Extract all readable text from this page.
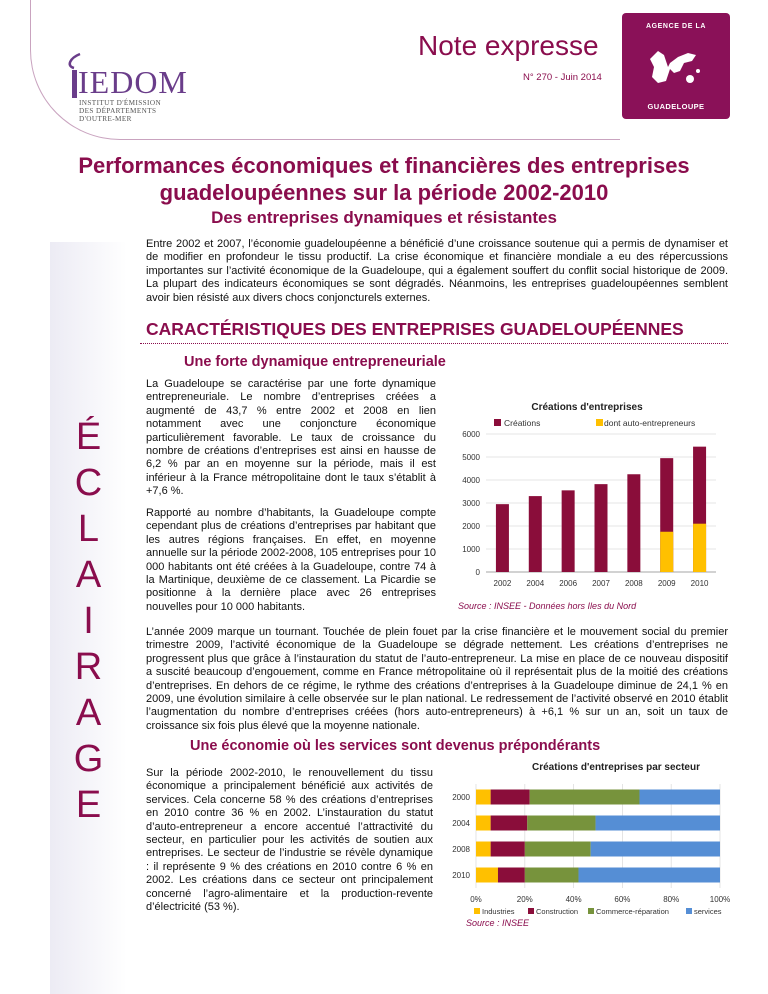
IEDOM
INSTITUT D'ÉMISSION
DES DÉPARTEMENTS
D'OUTRE-MER
Note expresse
N° 270 - Juin 2014
AGENCE DE LA
GUADELOUPE
Performances économiques et financières des entreprises guadeloupéennes sur la période 2002-2010
Des entreprises dynamiques et résistantes
Entre 2002 et 2007, l’économie guadeloupéenne a bénéficié d’une croissance soutenue qui a permis de dynamiser et de modifier en profondeur le tissu productif. La crise économique et financière mondiale a eu des répercussions importantes sur l’activité économique de la Guadeloupe, qui a également souffert du conflit social historique de 2009. La plupart des indicateurs économiques se sont dégradés. Néanmoins, les entreprises guadeloupéennes semblent avoir bien résisté aux divers chocs conjoncturels externes.
É
C
L
A
I
R
A
G
E
CARACTÉRISTIQUES DES ENTREPRISES GUADELOUPÉENNES
Une forte dynamique entrepreneuriale
La Guadeloupe se caractérise par une forte dynamique entrepreneuriale. Le nombre d’entreprises créées a augmenté de 43,7 % entre 2002 et 2008 en lien notamment avec une conjoncture économique particulièrement favorable. Le taux de croissance du nombre de créations d’entreprises est ainsi en hausse de 6,2 % par an en moyenne sur la période, mais il est inférieur à la France métropolitaine dont le taux s’établit à +7,6 %.
Rapporté au nombre d’habitants, la Guadeloupe compte cependant plus de créations d’entreprises par habitant que les autres régions françaises. En effet, en moyenne annuelle sur la période 2002-2008, 105 entreprises pour 10 000 habitants ont été créées à la Guadeloupe, contre 74 à la Martinique, deuxième de ce classement. La Picardie se positionne à la dernière place avec 26 entreprises nouvelles pour 10 000 habitants.
Créations d'entreprises
Créations	dont auto-entrepreneurs
0
1000
2000
3000
4000
5000
6000
2002 2004 2006 2007 2008 2009 2010
Source : INSEE - Données hors Iles du Nord
L’année 2009 marque un tournant. Touchée de plein fouet par la crise financière et le mouvement social du premier trimestre 2009, l’activité économique de la Guadeloupe se dégrade nettement. Les créations d’entreprises ne progressent plus que grâce à l’instauration du statut de l’auto-entrepreneur. La mise en place de ce nouveau dispositif a suscité beaucoup d’engouement, comme en France métropolitaine où il représentait plus de la moitié des créations d’entreprises. En dehors de ce régime, le rythme des créations d’entreprises à la Guadeloupe diminue de 24,1 % en 2009, une évolution similaire à celle observée sur le plan national. Le redressement de l’activité observé en 2010 établit l’augmentation du nombre d’entreprises créées (hors auto-entrepreneurs) à +6,1 % sur un an, soit un taux de croissance six fois plus élevé que la moyenne nationale.
Une économie où les services sont devenus prépondérants
Sur la période 2002-2010, le renouvellement du tissu économique a principalement bénéficié aux activités de services. Cela concerne 58 % des créations d’entreprises en 2010 contre 36 % en 2002. L’instauration du statut d’auto-entrepreneur a encore accentué l’attractivité du secteur, en particulier pour les activités de soutien aux entreprises. Le secteur de l’industrie se révèle dynamique : il représente 9 % des créations en 2010 contre 6 % en 2002. Les créations dans ce secteur ont principalement concerné l’agro-alimentaire et la production-revente d’électricité (53 %).
Créations d'entreprises par secteur
0%	20%	40%	60%	80%	100%
2000
2004
2008
2010
Industries	Construction Commerce-réparation	services
Source : INSEE
